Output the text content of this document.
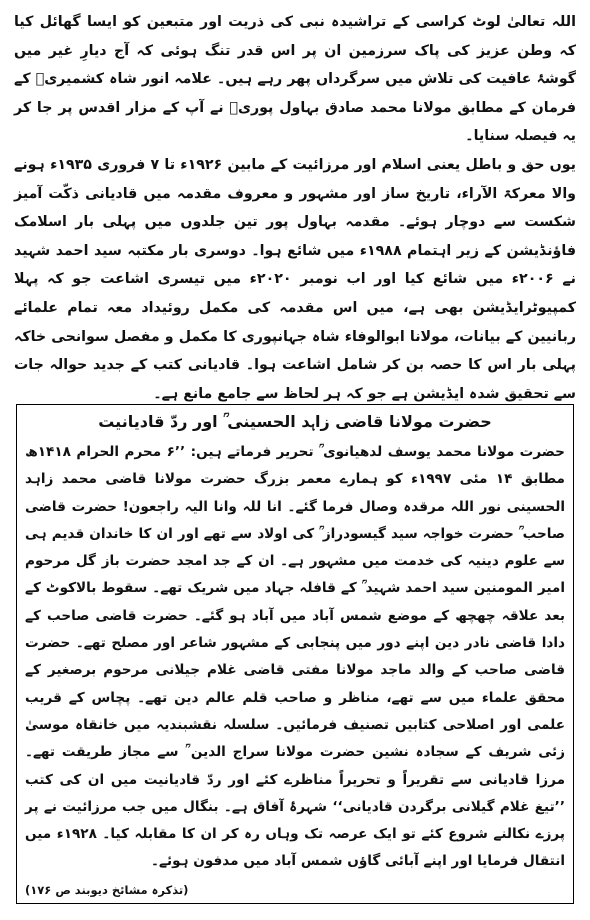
اللہ تعالیٰ لوٹ کراسی کے تراشیدہ نبی کی ذریت اور متبعین کو ایسا گھائل کیا کہ وطن عزیز کی پاک سرزمین ان پر اس قدر تنگ ہوئی کہ آج دیارِ غیر میں گوشۂ عافیت کی تلاش میں سرگرداں پھر رہے ہیں۔ علامہ انور شاہ کشمیریؒ کے فرمان کے مطابق مولانا محمد صادق بہاول پوریؒ نے آپ کے مزار اقدس پر جا کر یہ فیصلہ سنایا۔

یوں حق و باطل یعنی اسلام اور مرزائیت کے مابین ۱۹۲۶ء تا ۷ فروری ۱۹۳۵ء ہونے والا معرکۃ الآراء، تاریخ ساز اور مشہور و معروف مقدمہ میں قادیانی ذکّت آمیز شکست سے دوچار ہوئے۔ مقدمہ بہاول پور تین جلدوں میں پہلی بار اسلامک فاؤنڈیشن کے زیر اہتمام ۱۹۸۸ء میں شائع ہوا۔ دوسری بار مکتبہ سید احمد شہید نے ۲۰۰۶ء میں شائع کیا اور اب نومبر ۲۰۲۰ء میں تیسری اشاعت جو کہ پہلا کمپیوٹرایڈیشن بھی ہے، میں اس مقدمہ کی مکمل روئیداد معہ تمام علمائے ربانیین کے بیانات، مولانا ابوالوفاء شاہ جہانپوری کا مکمل و مفصل سوانحی خاکہ پہلی بار اس کا حصہ بن کر شامل اشاعت ہوا۔ قادیانی کتب کے جدید حوالہ جات سے تحقیق شدہ ایڈیشن ہے جو کہ ہر لحاظ سے جامع مانع ہے۔

حضرت مولانا قاضی زاہد الحسینی ؒ اور ردّ قادیانیت

حضرت مولانا محمد یوسف لدھیانوی ؒ تحریر فرماتے ہیں: ’’۶ محرم الحرام ۱۴۱۸ھ مطابق ۱۴ مئی ۱۹۹۷ء کو ہمارے معمر بزرگ حضرت مولانا قاضی محمد زاہد الحسینی نور اللہ مرقدہ وصال فرما گئے۔ انا للہ وانا الیہ راجعون! حضرت قاضی صاحب ؒ حضرت خواجہ سید گیسودراز ؒ کی اولاد سے تھے اور ان کا خاندان قدیم ہی سے علوم دینیہ کی خدمت میں مشہور ہے۔ ان کے جد امجد حضرت باز گل مرحوم امیر المومنین سید احمد شہید ؒ کے قافلہ جہاد میں شریک تھے۔ سقوط بالاکوٹ کے بعد علاقہ چھچھ کے موضع شمس آباد میں آباد ہو گئے۔ حضرت قاضی صاحب کے دادا قاضی نادر دین اپنے دور میں پنجابی کے مشہور شاعر اور مصلح تھے۔ حضرت قاضی صاحب کے والد ماجد مولانا مفتی قاضی غلام جیلانی مرحوم برصغیر کے محقق علماء میں سے تھے، مناظر و صاحب قلم عالم دین تھے۔ پچاس کے قریب علمی اور اصلاحی کتابیں تصنیف فرمائیں۔ سلسلہ نقشبندیہ میں خانقاہ موسیٰ زئی شریف کے سجادہ نشین حضرت مولانا سراج الدین ؒ سے مجاز طریقت تھے۔ مرزا قادیانی سے تقریراً و تحریراً مناظرے کئے اور ردّ قادیانیت میں ان کی کتب ’’تیغ غلام گیلانی برگردن قادیانی‘‘ شہرۂ آفاق ہے۔ بنگال میں جب مرزائیت نے پر پرزے نکالنے شروع کئے تو ایک عرصہ تک وہاں رہ کر ان کا مقابلہ کیا۔ ۱۹۲۸ء میں انتقال فرمایا اور اپنے آبائی گاؤں شمس آباد میں مدفون ہوئے۔

(تذکرہ مشائخ دیوبند ص ۱۷۶)
